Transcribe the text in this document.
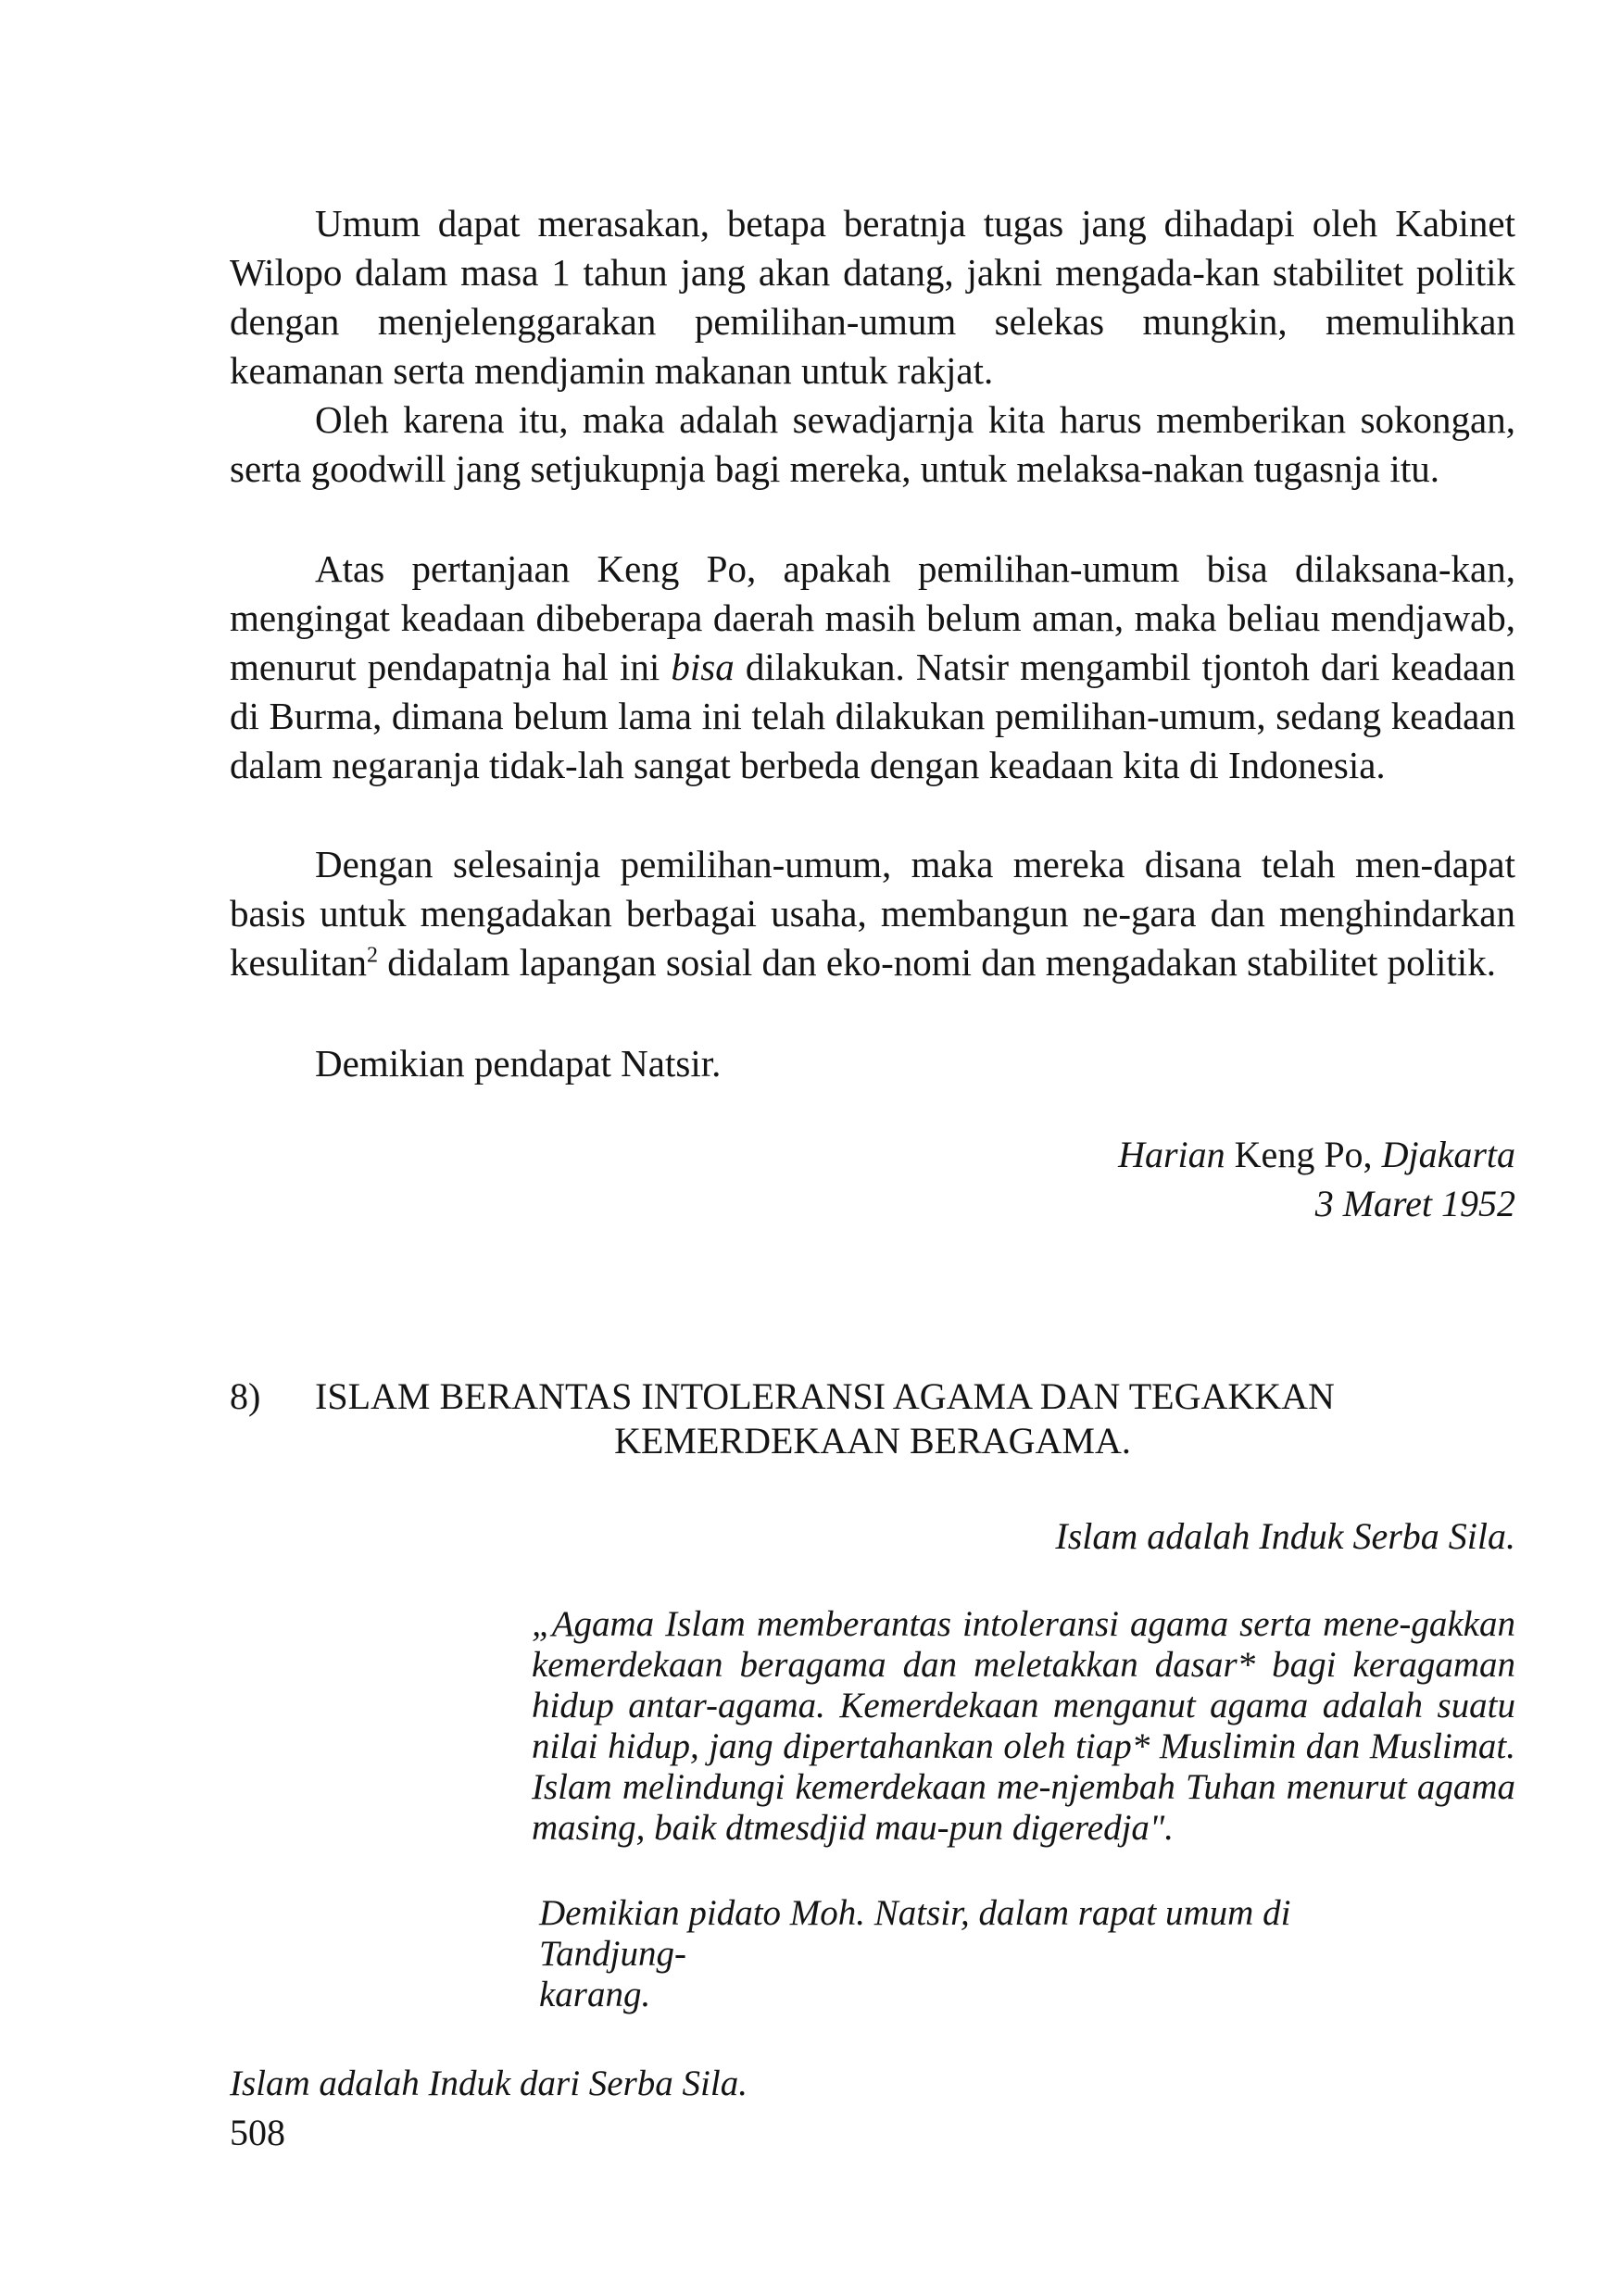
Umum dapat merasakan, betapa beratnja tugas jang dihadapi oleh Kabinet Wilopo dalam masa 1 tahun jang akan datang, jakni mengada-kan stabilitet politik dengan menjelenggarakan pemilihan-umum selekas mungkin, memulihkan keamanan serta mendjamin makanan untuk rakjat.

Oleh karena itu, maka adalah sewadjarnja kita harus memberikan sokongan, serta goodwill jang setjukupnja bagi mereka, untuk melaksa-nakan tugasnja itu.

Atas pertanjaan Keng Po, apakah pemilihan-umum bisa dilaksana-kan, mengingat keadaan dibeberapa daerah masih belum aman, maka beliau mendjawab, menurut pendapatnja hal ini bisa dilakukan. Natsir mengambil tjontoh dari keadaan di Burma, dimana belum lama ini telah dilakukan pemilihan-umum, sedang keadaan dalam negaranja tidak-lah sangat berbeda dengan keadaan kita di Indonesia.

Dengan selesainja pemilihan-umum, maka mereka disana telah men-dapat basis untuk mengadakan berbagai usaha, membangun ne-gara dan menghindarkan kesulitan$^2$ didalam lapangan sosial dan eko-nomi dan mengadakan stabilitet politik.

Demikian pendapat Natsir.

Harian Keng Po, Djakarta
3 Maret 1952
8) ISLAM BERANTAS INTOLERANSI AGAMA DAN TEGAKKAN
KEMERDEKAAN BERAGAMA.
Islam adalah Induk Serba Sila.

„Agama Islam memberantas intoleransi agama serta mene-gakkan kemerdekaan beragama dan meletakkan dasar* bagi keragaman hidup antar-agama. Kemerdekaan menganut agama adalah suatu nilai hidup, jang dipertahankan oleh tiap* Muslimin dan Muslimat. Islam melindungi kemerdekaan me-njembah Tuhan menurut agama masing, baik dtmesdjid mau-pun digeredja".

Demikian pidato Moh. Natsir, dalam rapat umum di

Tandjung-
karang.

Islam adalah Induk dari Serba Sila.
508
